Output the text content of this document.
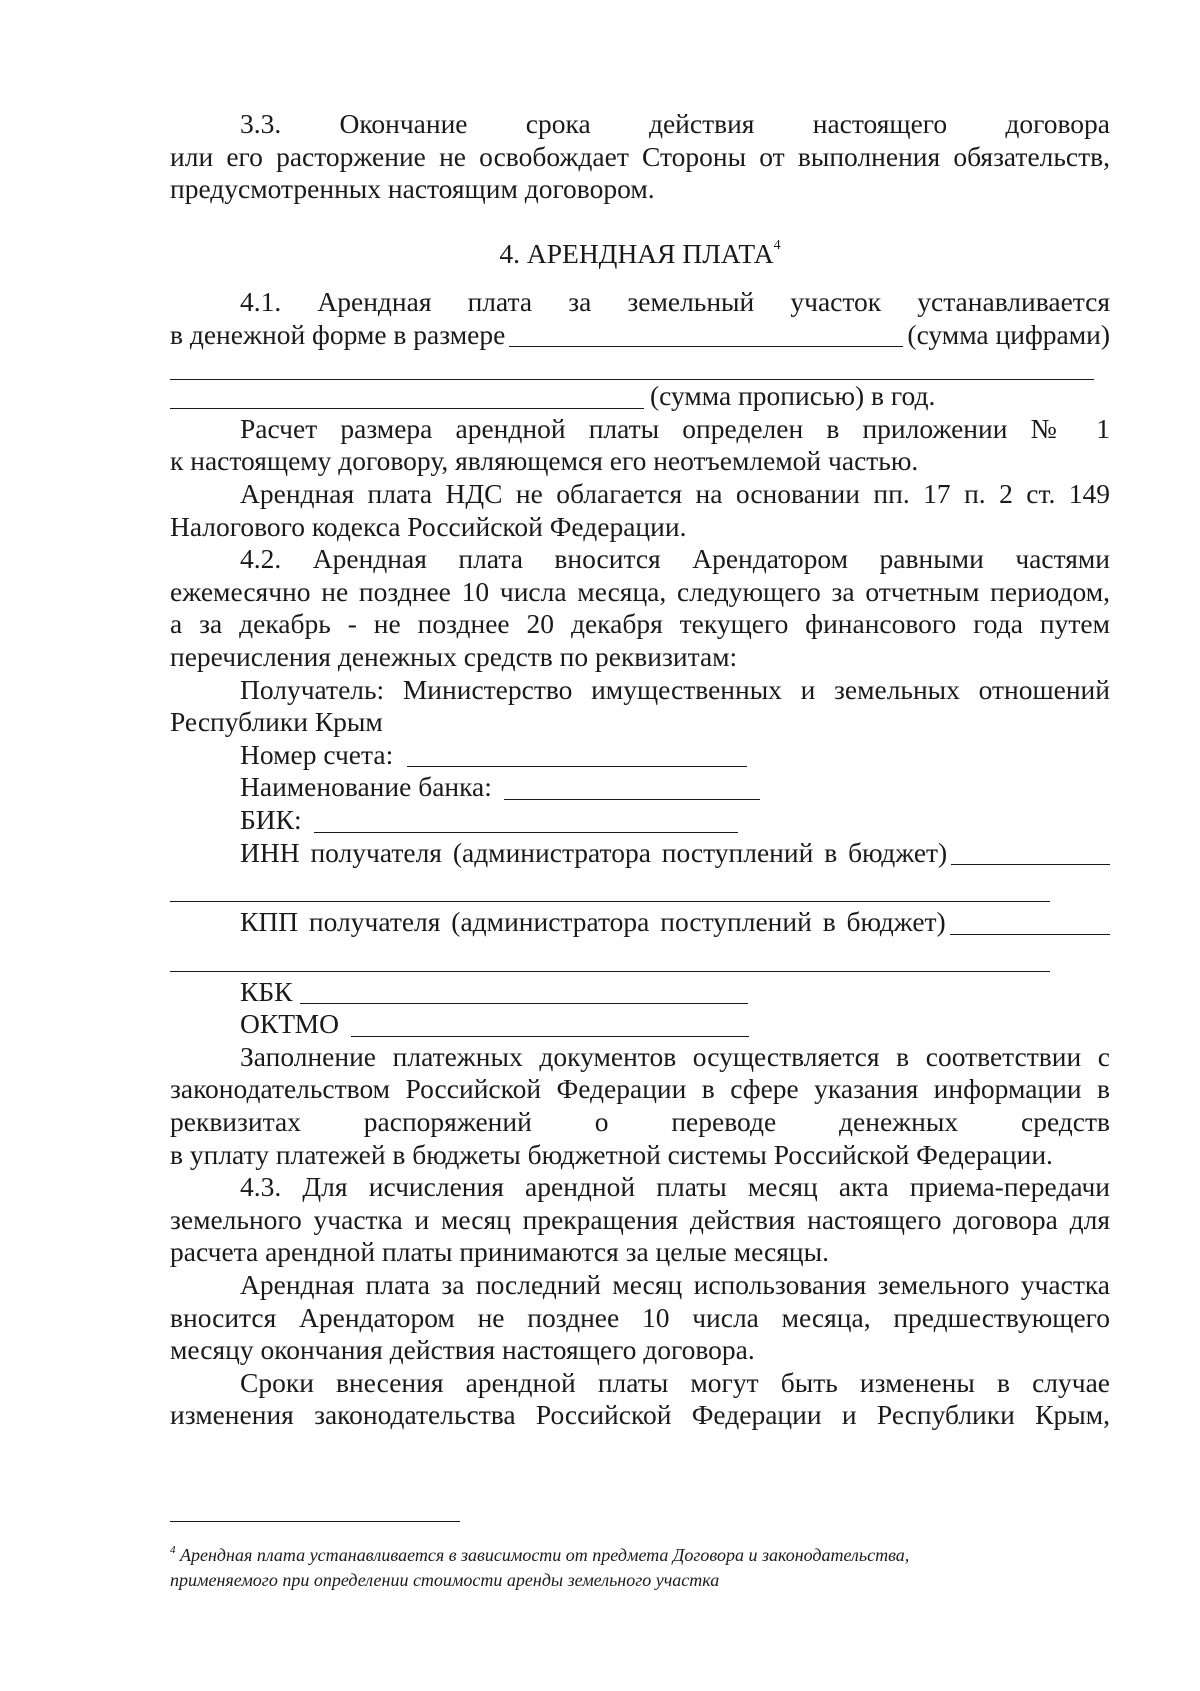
3.3. Окончание срока действия настоящего договора

или его расторжение не освобождает Стороны от выполнения обязательств,

предусмотренных настоящим договором.

4. АРЕНДНАЯ ПЛАТА$^4$

4.1. Арендная плата за земельный участок устанавливается

в денежной форме в размере	(сумма цифрами)
(сумма прописью) в год.

Расчет размера арендной платы определен в приложении № 1

к настоящему договору, являющемся его неотъемлемой частью.

Арендная плата НДС не облагается на основании пп. 17 п. 2 ст. 149

Налогового кодекса Российской Федерации.

4.2. Арендная плата вносится Арендатором равными частями

ежемесячно не позднее 10 числа месяца, следующего за отчетным периодом,

а за декабрь - не позднее 20 декабря текущего финансового года путем

перечисления денежных средств по реквизитам:

Получатель: Министерство имущественных и земельных отношений

Республики Крым

Номер счета:
Наименование банка:
БИК:
ИНН получателя (администратора поступлений в бюджет)
КПП получателя (администратора поступлений в бюджет)
КБК
ОКТМО

Заполнение платежных документов осуществляется в соответствии с

законодательством Российской Федерации в сфере указания информации в

реквизитах распоряжений о переводе денежных средств

в уплату платежей в бюджеты бюджетной системы Российской Федерации.

4.3. Для исчисления арендной платы месяц акта приема-передачи

земельного участка и месяц прекращения действия настоящего договора для

расчета арендной платы принимаются за целые месяцы.

Арендная плата за последний месяц использования земельного участка

вносится Арендатором не позднее 10 числа месяца, предшествующего

месяцу окончания действия настоящего договора.

Сроки внесения арендной платы могут быть изменены в случае

изменения законодательства Российской Федерации и Республики Крым,

$^4$ Арендная плата устанавливается в зависимости от предмета Договора и законодательства,
применяемого при определении стоимости аренды земельного участка
